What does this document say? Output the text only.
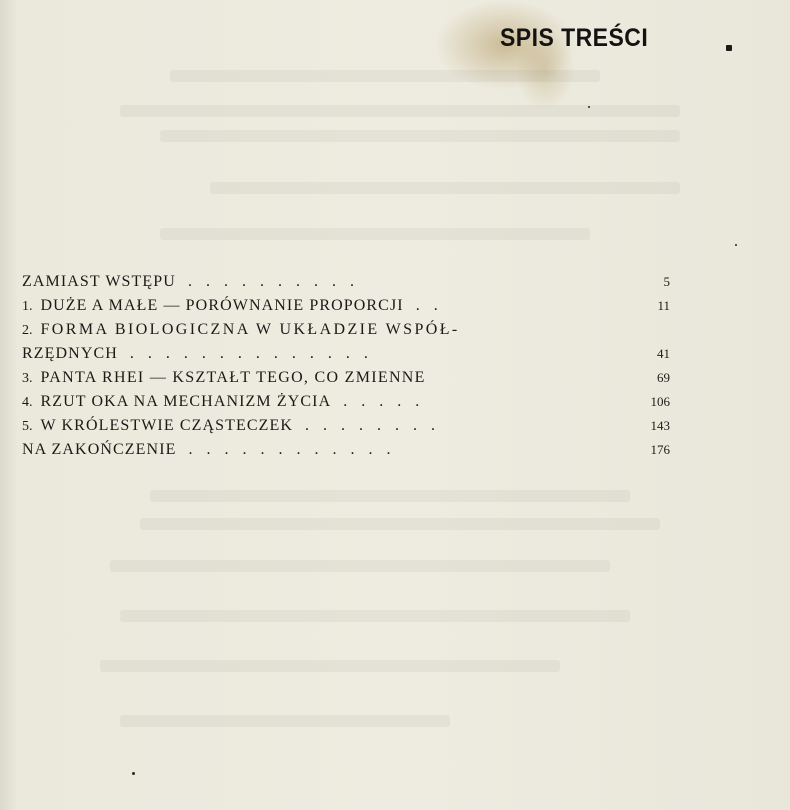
SPIS TREŚCI
ZAMIAST WSTĘPU . . . . . . . . . .	5
1. DUŻE A MAŁE — PORÓWNANIE PROPORCJI . .	11
2. FORMA BIOLOGICZNA W UKŁADZIE WSPÓŁ-
RZĘDNYCH . . . . . . . . . . . . . .	41
3. PANTA RHEI — KSZTAŁT TEGO, CO ZMIENNE	69
4. RZUT OKA NA MECHANIZM ŻYCIA . . . . .	106
5. W KRÓLESTWIE CZĄSTECZEK . . . . . . . .	143
NA ZAKOŃCZENIE . . . . . . . . . . . .	176
